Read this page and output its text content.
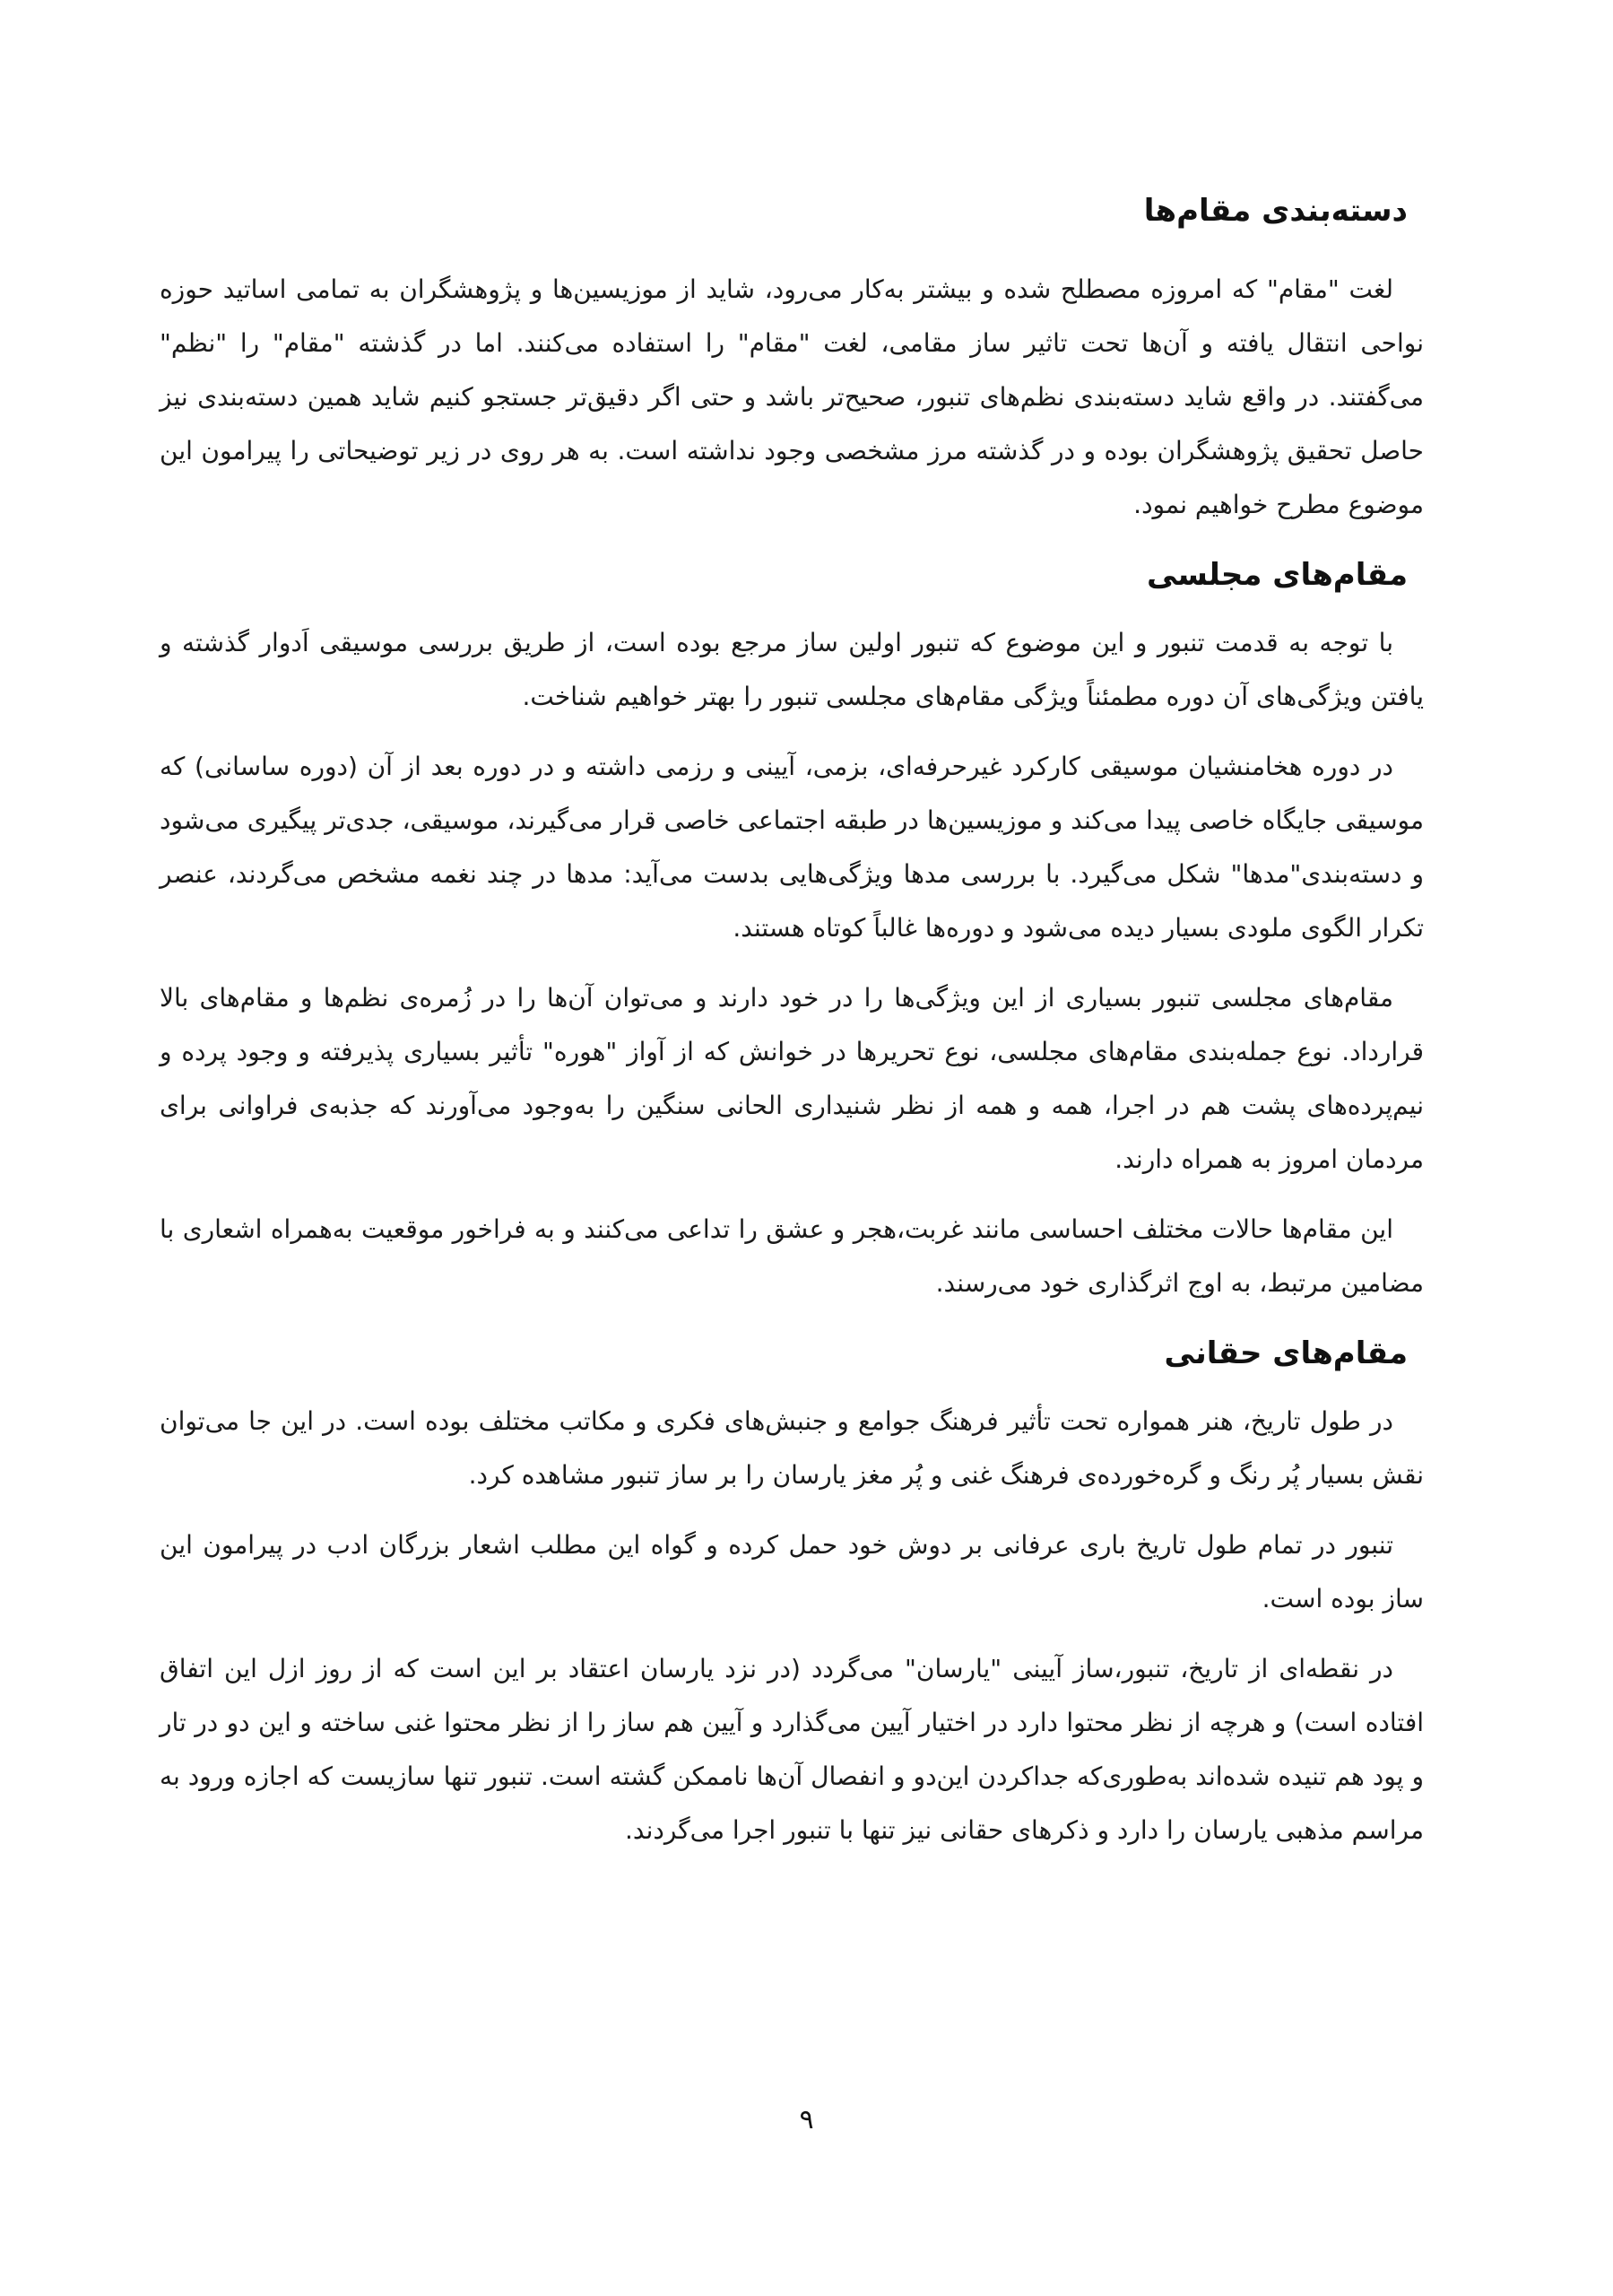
دسته‌بندی مقام‌ها

لغت "مقام" که امروزه مصطلح شده و بیشتر به‌کار می‌رود، شاید از موزیسین‌ها و پژوهشگران به تمامی اساتید حوزه نواحی انتقال یافته و آن‌ها تحت تاثیر ساز مقامی، لغت "مقام" را استفاده می‌کنند. اما در گذشته "مقام" را "نظم" می‌گفتند. در واقع شاید دسته‌بندی نظم‌های تنبور، صحیح‌تر باشد و حتی اگر دقیق‌تر جستجو کنیم شاید همین دسته‌بندی نیز حاصل تحقیق پژوهشگران بوده و در گذشته مرز مشخصی وجود نداشته است. به هر روی در زیر توضیحاتی را پیرامون این موضوع مطرح خواهیم نمود.

مقام‌های مجلسی

با توجه به قدمت تنبور و این موضوع که تنبور اولین ساز مرجع بوده است، از طریق بررسی موسیقی اَدوار گذشته و یافتن ویژگی‌های آن دوره مطمئناً ویژگی مقام‌های مجلسی تنبور را بهتر خواهیم شناخت.

در دوره هخامنشیان موسیقی کارکرد غیرحرفه‌ای، بزمی، آیینی و رزمی داشته و در دوره بعد از آن (دوره ساسانی) که موسیقی جایگاه خاصی پیدا می‌کند و موزیسین‌ها در طبقه اجتماعی خاصی قرار می‌گیرند، موسیقی، جدی‌تر پیگیری می‌شود و دسته‌بندی"مدها" شکل می‌گیرد. با بررسی مدها ویژگی‌هایی بدست می‌آید: مدها در چند نغمه مشخص می‌گردند، عنصر تکرار الگوی ملودی بسیار دیده می‌شود و دوره‌ها غالباً کوتاه هستند.

مقام‌های مجلسی تنبور بسیاری از این ویژگی‌ها را در خود دارند و می‌توان آن‌ها را در زُمره‌ی نظم‌ها و مقام‌های بالا قرارداد. نوع جمله‌بندی مقام‌های مجلسی، نوع تحریرها در خوانش که از آواز "هوره" تأثیر بسیاری پذیرفته و وجود پرده و نیم‌پرده‌های پشت هم در اجرا، همه و همه از نظر شنیداری الحانی سنگین را به‌وجود می‌آورند که جذبه‌ی فراوانی برای مردمان امروز به همراه دارند.

این مقام‌ها حالات مختلف احساسی مانند غربت،هجر و عشق را تداعی می‌کنند و به فراخور موقعیت به‌همراه اشعاری با مضامین مرتبط، به اوج اثرگذاری خود می‌رسند.

مقام‌های حقانی

در طول تاریخ، هنر همواره تحت تأثیر فرهنگ جوامع و جنبش‌های فکری و مکاتب مختلف بوده است. در این جا می‌توان نقش بسیار پُر رنگ و گره‌خورده‌ی فرهنگ غنی و پُر مغز یارسان را بر ساز تنبور مشاهده کرد.

تنبور در تمام طول تاریخ باری عرفانی بر دوش خود حمل کرده و گواه این مطلب اشعار بزرگان ادب در پیرامون این ساز بوده است.

در نقطه‌ای از تاریخ، تنبور،ساز آیینی "یارسان" می‌گردد (در نزد یارسان اعتقاد بر این است که از روز ازل این اتفاق افتاده است) و هرچه از نظر محتوا دارد در اختیار آیین می‌گذارد و آیین هم ساز را از نظر محتوا غنی ساخته و این دو در تار و پود هم تنیده شده‌اند به‌طوری‌که جداکردن این‌دو و انفصال آن‌ها ناممکن گشته است. تنبور تنها سازیست که اجازه ورود به مراسم مذهبی یارسان را دارد و ذکرهای حقانی نیز تنها با تنبور اجرا می‌گردند.

۹
